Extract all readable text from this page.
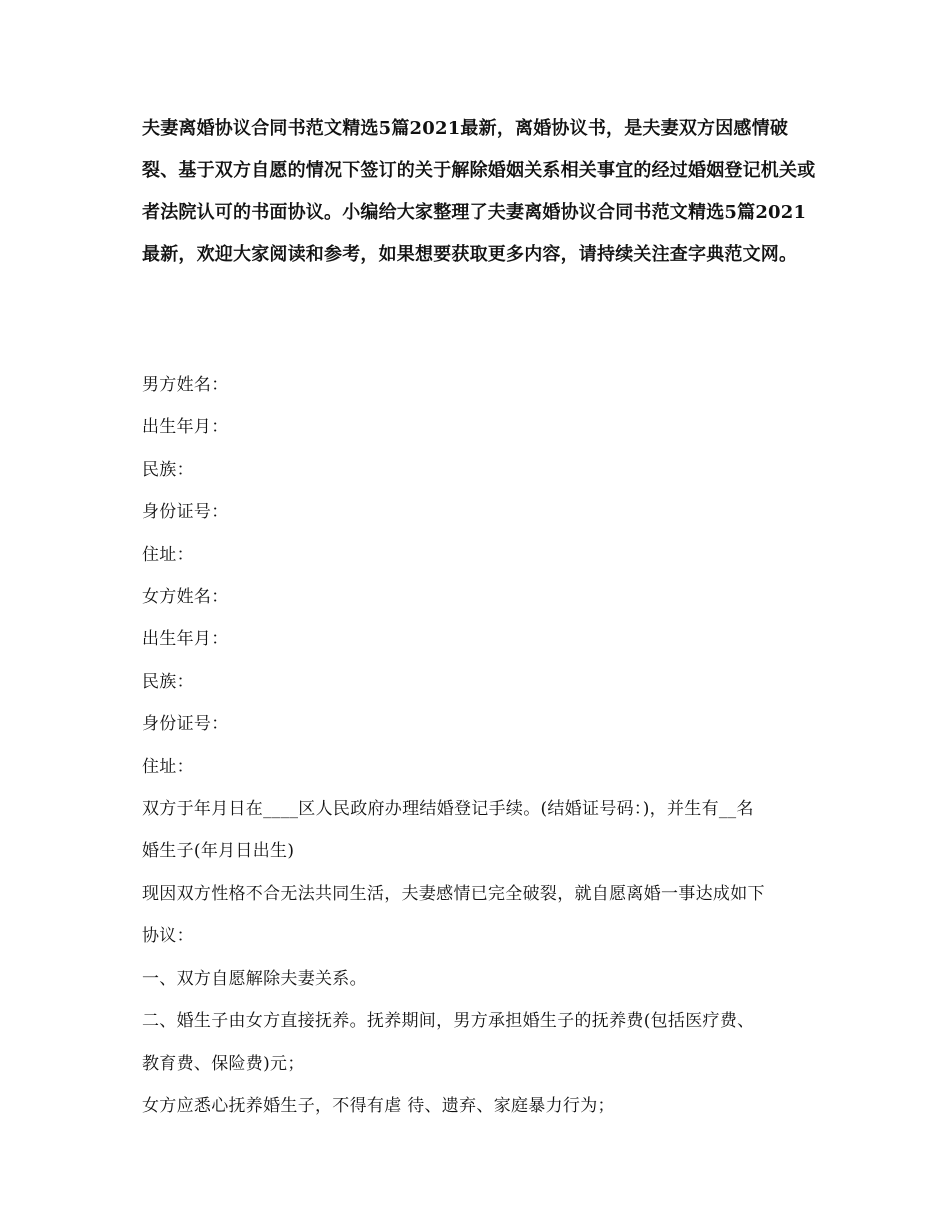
夫妻离婚协议合同书范文精选5篇2021最新，离婚协议书，是夫妻双方因感情破裂、基于双方自愿的情况下签订的关于解除婚姻关系相关事宜的经过婚姻登记机关或者法院认可的书面协议。小编给大家整理了夫妻离婚协议合同书范文精选5篇2021最新，欢迎大家阅读和参考，如果想要获取更多内容，请持续关注查字典范文网。

男方姓名：
出生年月：
民族：
身份证号：
住址：
女方姓名：
出生年月：
民族：
身份证号：
住址：
双方于年月日在____区人民政府办理结婚登记手续。(结婚证号码：)，并生有__名
婚生子(年月日出生)
现因双方性格不合无法共同生活，夫妻感情已完全破裂，就自愿离婚一事达成如下
协议：
一、双方自愿解除夫妻关系。
二、婚生子由女方直接抚养。抚养期间，男方承担婚生子的抚养费(包括医疗费、
教育费、保险费)元；
女方应悉心抚养婚生子，不得有虐 待、遗弃、家庭暴力行为；
